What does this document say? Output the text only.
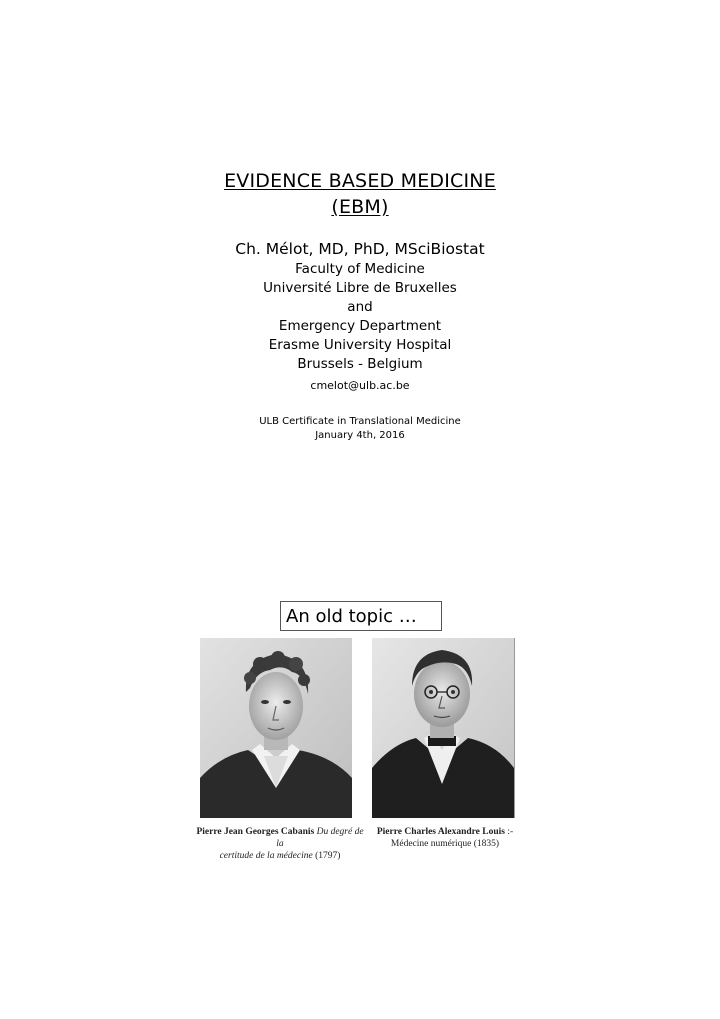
EVIDENCE BASED MEDICINE
(EBM)
Ch. Mélot, MD, PhD, MSciBiostat
Faculty of Medicine
Université Libre de Bruxelles
and
Emergency Department
Erasme University Hospital
Brussels - Belgium
cmelot@ulb.ac.be
ULB Certificate in Translational Medicine
January 4th, 2016
An old topic …
Pierre Jean Georges Cabanis Du degré de la
certitude de la médecine (1797)
Pierre Charles Alexandre Louis :-
Médecine numérique (1835)
